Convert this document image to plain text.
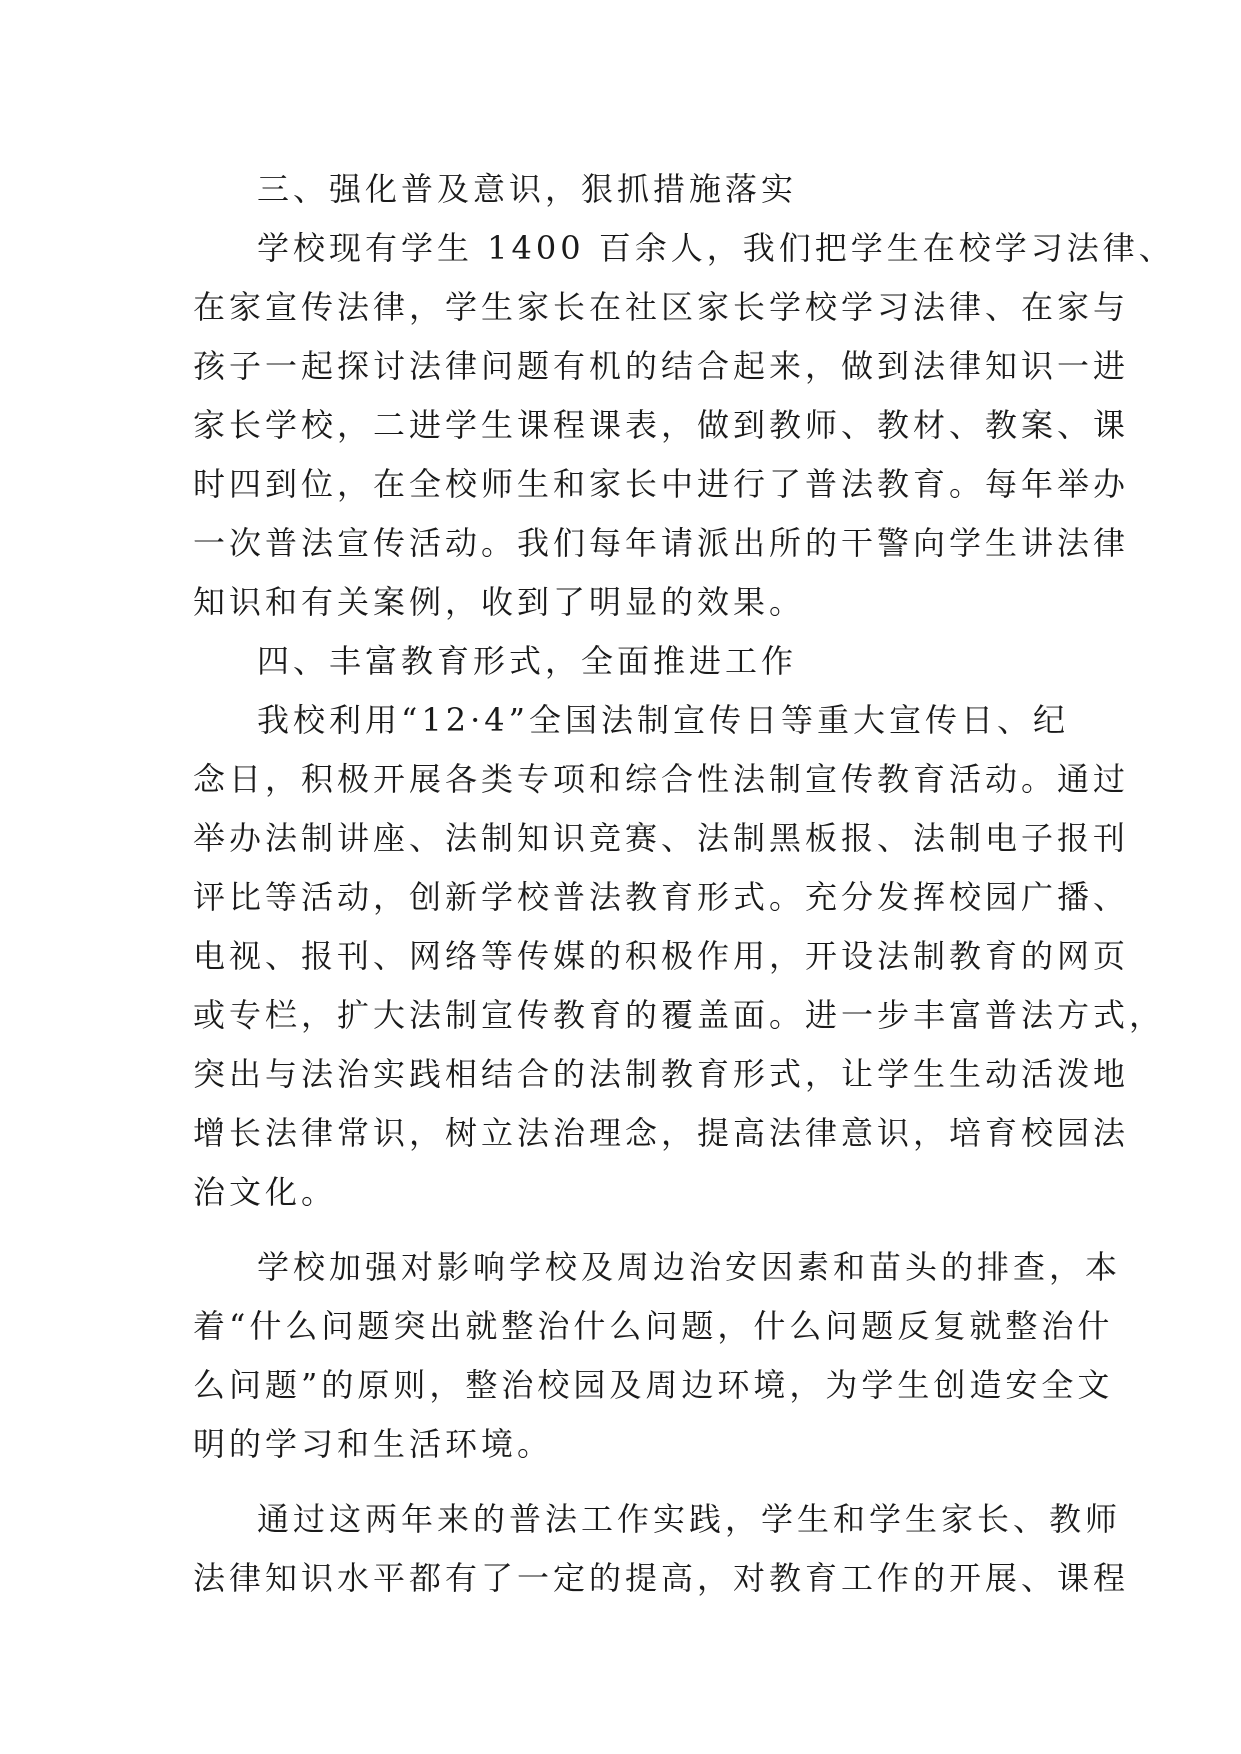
三、强化普及意识，狠抓措施落实
学校现有学生 1400 百余人，我们把学生在校学习法律、
在家宣传法律，学生家长在社区家长学校学习法律、在家与
孩子一起探讨法律问题有机的结合起来，做到法律知识一进
家长学校，二进学生课程课表，做到教师、教材、教案、课
时四到位，在全校师生和家长中进行了普法教育。每年举办
一次普法宣传活动。我们每年请派出所的干警向学生讲法律
知识和有关案例，收到了明显的效果。
四、丰富教育形式，全面推进工作
我校利用“12·4”全国法制宣传日等重大宣传日、纪
念日，积极开展各类专项和综合性法制宣传教育活动。通过
举办法制讲座、法制知识竞赛、法制黑板报、法制电子报刊
评比等活动，创新学校普法教育形式。充分发挥校园广播、
电视、报刊、网络等传媒的积极作用，开设法制教育的网页
或专栏，扩大法制宣传教育的覆盖面。进一步丰富普法方式，
突出与法治实践相结合的法制教育形式，让学生生动活泼地
增长法律常识，树立法治理念，提高法律意识，培育校园法
治文化。
学校加强对影响学校及周边治安因素和苗头的排查，本
着“什么问题突出就整治什么问题，什么问题反复就整治什
么问题”的原则，整治校园及周边环境，为学生创造安全文
明的学习和生活环境。
通过这两年来的普法工作实践，学生和学生家长、教师
法律知识水平都有了一定的提高，对教育工作的开展、课程
